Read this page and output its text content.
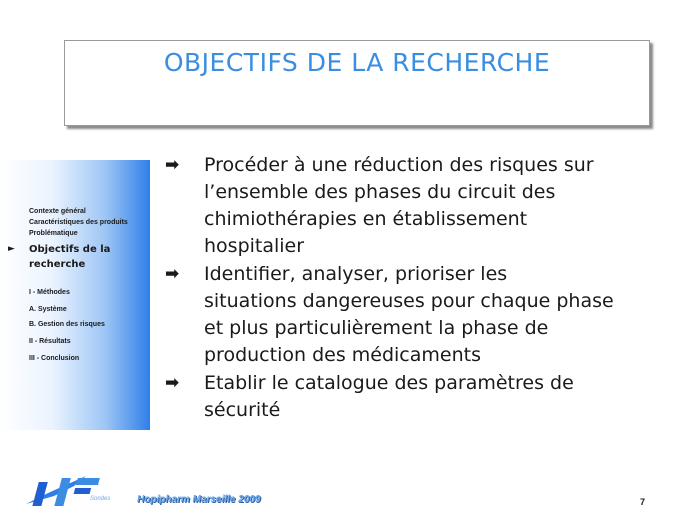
OBJECTIFS DE LA RECHERCHE
Contexte général
Caractéristiques des produits
Problématique
► Objectifs de la
recherche
I - Méthodes
A. Système
B. Gestion des risques
II - Résultats
III - Conclusion
➡ Procéder à une réduction des risques sur
l’ensemble des phases du circuit des
chimiothérapies en établissement
hospitalier
➡ Identifier, analyser, prioriser les
situations dangereuses pour chaque phase
et plus particulièrement la phase de
production des médicaments
➡ Etablir le catalogue des paramètres de
sécurité
Sondes	Hopipharm Marseille 2009	7
